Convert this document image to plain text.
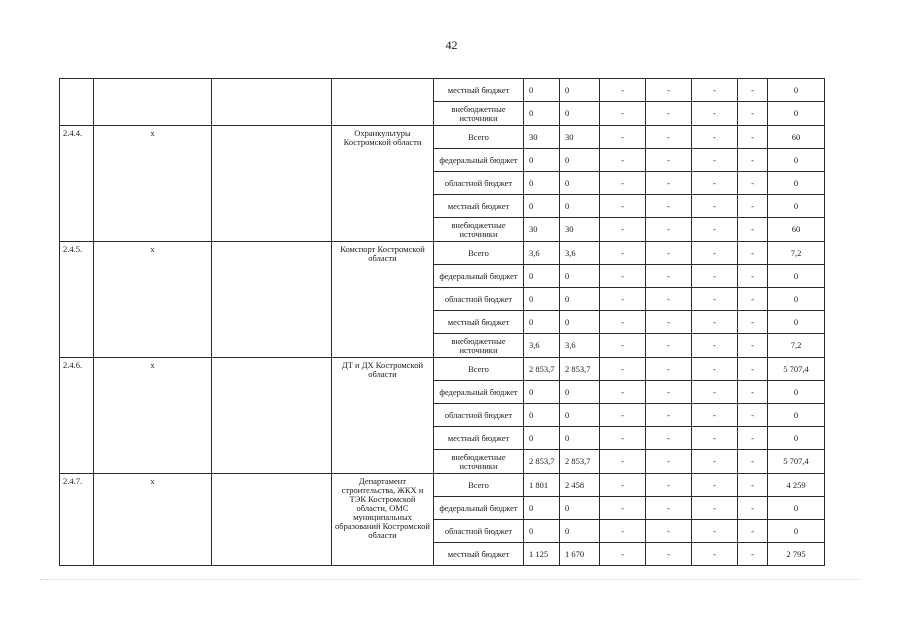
42
				местный бюджет	0	0	-	-	-	-	0
				внебюджетные источники	0	0	-	-	-	-	0
2.4.4.	х		Охранкультуры Костромской области	Всего	30	30	-	-	-	-	60
				федеральный бюджет	0	0	-	-	-	-	0
				областной бюджет	0	0	-	-	-	-	0
				местный бюджет	0	0	-	-	-	-	0
				внебюджетные источники	30	30	-	-	-	-	60
2.4.5.	х		Комспорт Костромской области	Всего	3,6	3,6	-	-	-	-	7,2
				федеральный бюджет	0	0	-	-	-	-	0
				областной бюджет	0	0	-	-	-	-	0
				местный бюджет	0	0	-	-	-	-	0
				внебюджетные источники	3,6	3,6	-	-	-	-	7,2
2.4.6.	х		ДТ и ДХ Костромской области	Всего	2 853,7	2 853,7	-	-	-	-	5 707,4
				федеральный бюджет	0	0	-	-	-	-	0
				областной бюджет	0	0	-	-	-	-	0
				местный бюджет	0	0	-	-	-	-	0
				внебюджетные источники	2 853,7	2 853,7	-	-	-	-	5 707,4
2.4.7.	х		Департамент строительства, ЖКХ и ТЭК Костромской области, ОМС муниципальных образований Костромской области	Всего	1 801	2 458	-	-	-	-	4 259
				федеральный бюджет	0	0	-	-	-	-	0
				областной бюджет	0	0	-	-	-	-	0
				местный бюджет	1 125	1 670	-	-	-	-	2 795
